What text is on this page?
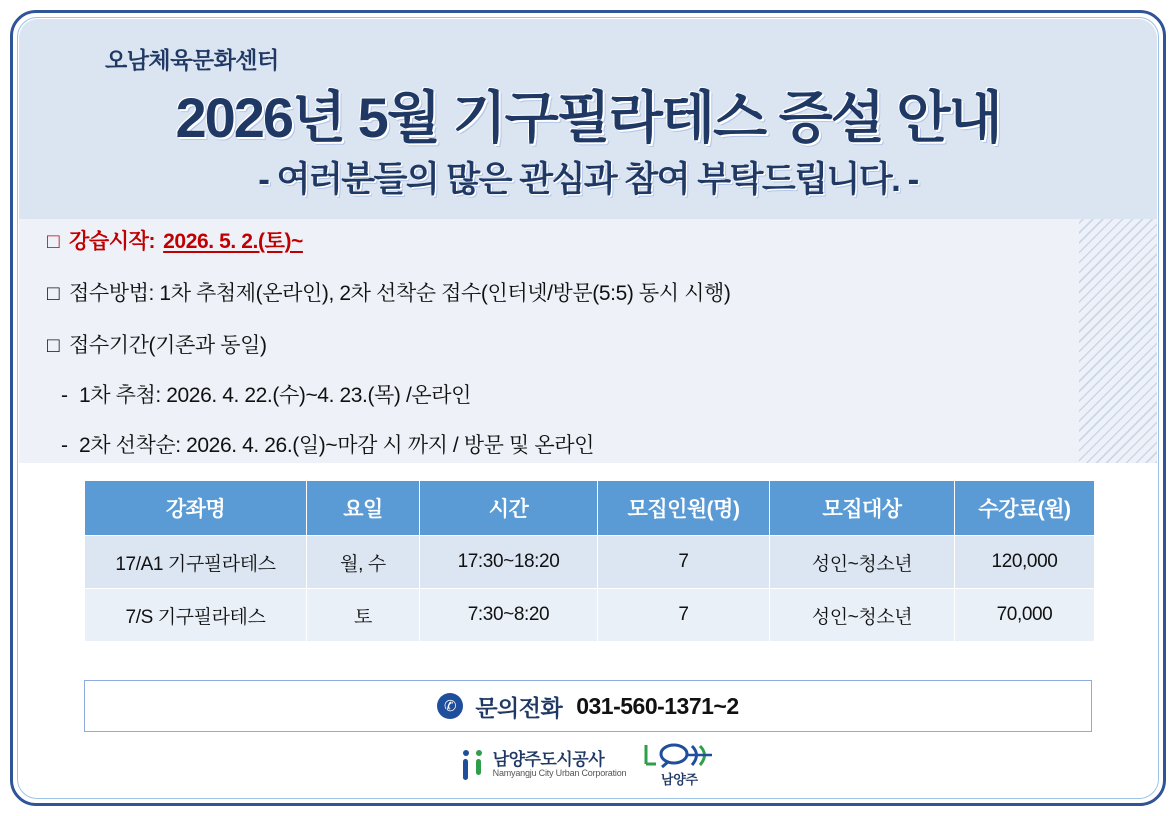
오남체육문화센터
2026년 5월 기구필라테스 증설 안내
- 여러분들의 많은 관심과 참여 부탁드립니다. -
□ 강습시작: 2026. 5. 2.(토)~
□ 접수방법: 1차 추첨제(온라인), 2차 선착순 접수(인터넷/방문(5:5) 동시 시행)
□ 접수기간(기존과 동일)
- 1차 추첨: 2026. 4. 22.(수)~4. 23.(목) /온라인
- 2차 선착순: 2026. 4. 26.(일)~마감 시 까지 / 방문 및 온라인
강좌명	요일	시간	모집인원(명)	모집대상	수강료(원)
17/A1 기구필라테스	월, 수	17:30~18:20	7	성인~청소년	120,000
7/S 기구필라테스	토	7:30~8:20	7	성인~청소년	70,000
✆ 문의전화 031-560-1371~2
남양주도시공사
Namyangju City Urban Corporation	남양주
